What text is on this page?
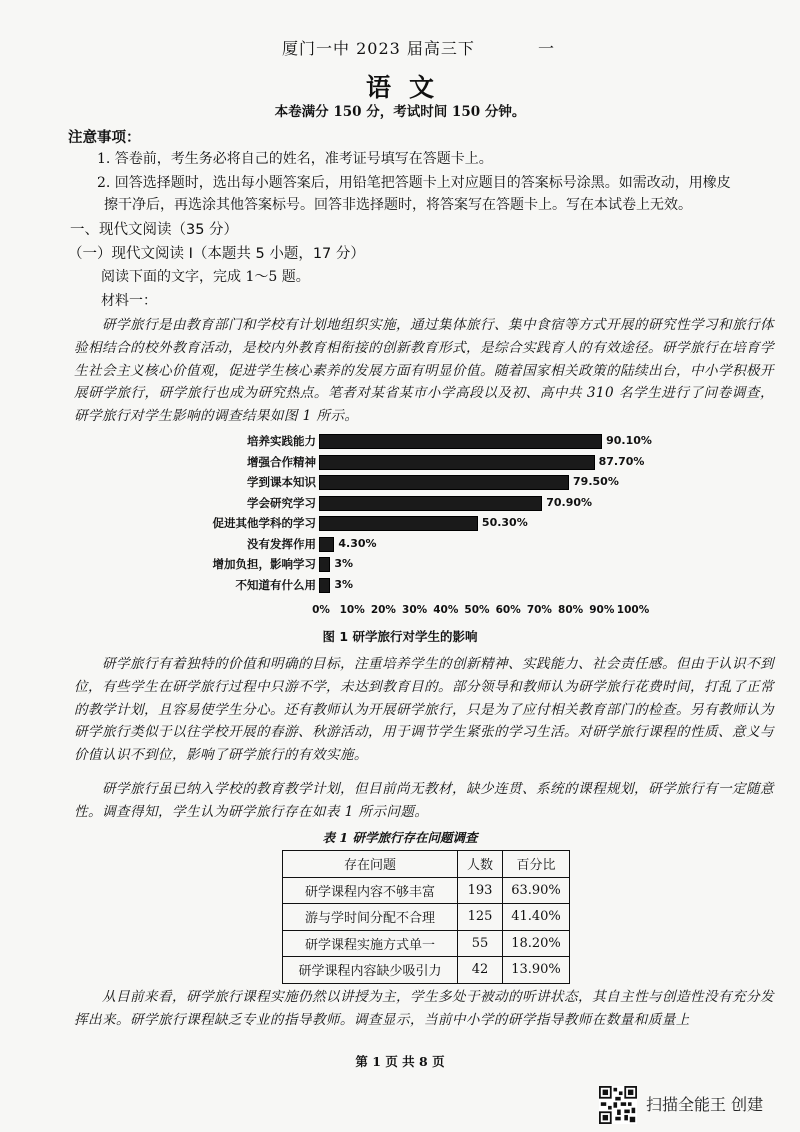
厦门一中 2023 届高三下	一
语文
本卷满分 150 分，考试时间 150 分钟。
注意事项：
1. 答卷前，考生务必将自己的姓名，准考证号填写在答题卡上。
2. 回答选择题时，选出每小题答案后，用铅笔把答题卡上对应题目的答案标号涂黑。如需改动，用橡皮
擦干净后，再选涂其他答案标号。回答非选择题时，将答案写在答题卡上。写在本试卷上无效。
一、现代文阅读（35 分）
（一）现代文阅读 I（本题共 5 小题，17 分）
阅读下面的文字，完成 1～5 题。
材料一：
研学旅行是由教育部门和学校有计划地组织实施，通过集体旅行、集中食宿等方式开展的研究性学习和旅行体验相结合的校外教育活动，是校内外教育相衔接的创新教育形式，是综合实践育人的有效途径。研学旅行在培育学生社会主义核心价值观，促进学生核心素养的发展方面有明显价值。随着国家相关政策的陆续出台，中小学积极开展研学旅行，研学旅行也成为研究热点。笔者对某省某市小学高段以及初、高中共 310 名学生进行了问卷调查，研学旅行对学生影响的调查结果如图 1 所示。
培养实践能力	90.10%
增强合作精神	87.70%
学到课本知识	79.50%
学会研究学习	70.90%
促进其他学科的学习	50.30%
没有发挥作用 4.30%
增加负担，影响学习 3%
不知道有什么用 3%
0% 10% 20% 30% 40% 50% 60% 70% 80% 90% 100%
图 1 研学旅行对学生的影响
研学旅行有着独特的价值和明确的目标，注重培养学生的创新精神、实践能力、社会责任感。但由于认识不到位，有些学生在研学旅行过程中只游不学，未达到教育目的。部分领导和教师认为研学旅行花费时间，打乱了正常的教学计划，且容易使学生分心。还有教师认为开展研学旅行，只是为了应付相关教育部门的检查。另有教师认为研学旅行类似于以往学校开展的春游、秋游活动，用于调节学生紧张的学习生活。对研学旅行课程的性质、意义与价值认识不到位，影响了研学旅行的有效实施。
研学旅行虽已纳入学校的教育教学计划，但目前尚无教材，缺少连贯、系统的课程规划，研学旅行有一定随意性。调查得知，学生认为研学旅行存在如表 1 所示问题。
表 1 研学旅行存在问题调查
存在问题	人数	百分比
研学课程内容不够丰富	193	63.90%
游与学时间分配不合理	125	41.40%
研学课程实施方式单一	55	18.20%
研学课程内容缺少吸引力	42	13.90%
从目前来看，研学旅行课程实施仍然以讲授为主，学生多处于被动的听讲状态，其自主性与创造性没有充分发挥出来。研学旅行课程缺乏专业的指导教师。调查显示，当前中小学的研学指导教师在数量和质量上
第 1 页 共 8 页
扫描全能王 创建
